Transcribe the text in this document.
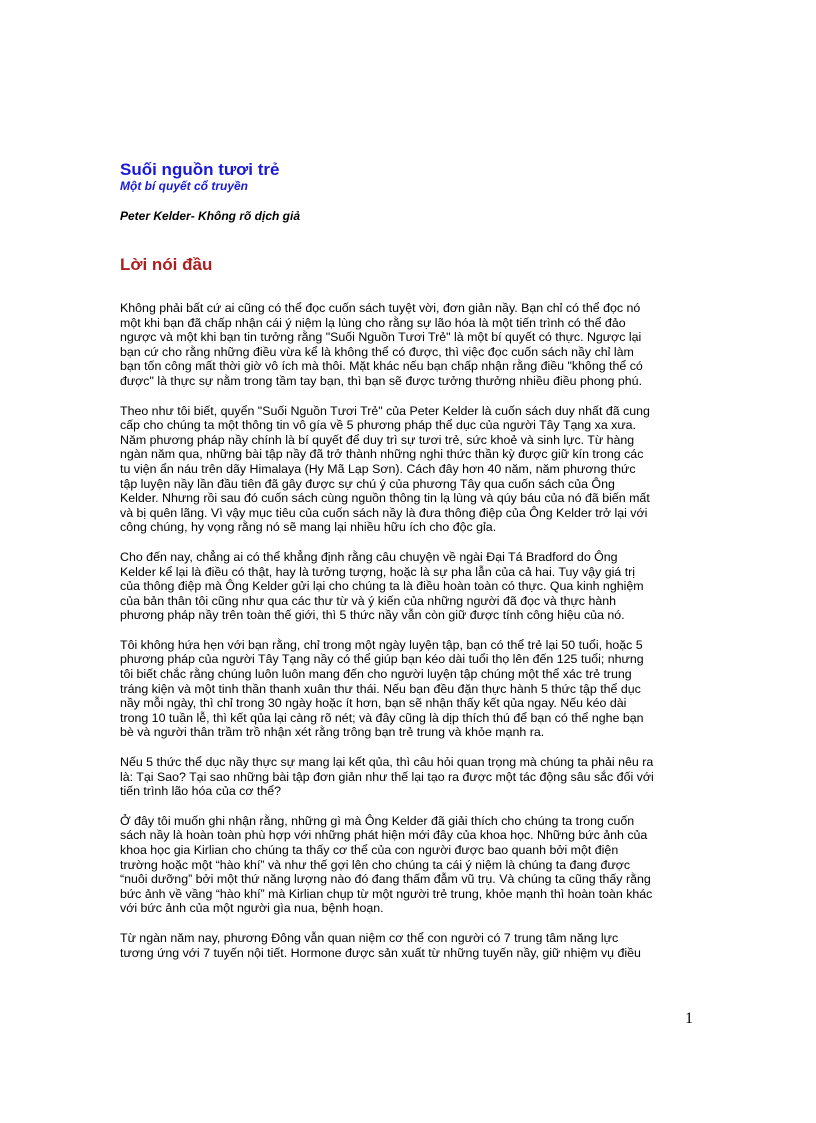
Suối nguồn tươi trẻ

Một bí quyết cổ truyền

Peter Kelder- Không rõ dịch giả

Lời nói đầu

Không phải bất cứ ai cũng có thể đọc cuốn sách tuyệt vời, đơn giản nầy. Bạn chỉ có thể đọc nó
một khi bạn đã chấp nhận cái ý niệm lạ lùng cho rằng sự lão hóa là một tiến trình có thể đảo
ngược và một khi bạn tin tưởng rằng "Suối Nguồn Tươi Trẻ" là một bí quyết có thực. Ngược lại
bạn cứ cho rằng những điều vừa kể là không thể có được, thì việc đọc cuốn sách nầy chỉ làm
bạn tốn công mất thời giờ vô ích mà thôi. Mặt khác nếu bạn chấp nhận rằng điều "không thể có
được" là thực sự nằm trong tầm tay bạn, thì bạn sẽ được tưởng thưởng nhiều điều phong phú.

Theo như tôi biết, quyển "Suối Nguồn Tươi Trẻ" của Peter Kelder là cuốn sách duy nhất đã cung
cấp cho chúng ta một thông tin vô gía về 5 phương pháp thể dục của người Tây Tạng xa xưa.
Năm phương pháp nầy chính là bí quyết để duy trì sự tươi trẻ, sức khoẻ và sinh lực. Từ hàng
ngàn năm qua, những bài tập nầy đã trở thành những nghi thức thần kỳ được giữ kín trong các
tu viện ẩn náu trên dãy Himalaya (Hy Mã Lạp Sơn). Cách đây hơn 40 năm, năm phương thức
tập luyện nầy lần đầu tiên đã gây được sự chú ý của phương Tây qua cuốn sách của Ông
Kelder. Nhưng rồi sau đó cuốn sách cùng nguồn thông tin lạ lùng và qúy báu của nó đã biến mất
và bị quên lãng. Vì vậy mục tiêu của cuốn sách nầy là đưa thông điệp của Ông Kelder trở lại với
công chúng, hy vọng rằng nó sẽ mang lại nhiều hữu ích cho độc gỉa.

Cho đến nay, chẳng ai có thể khẳng định rằng câu chuyện về ngài Đại Tá Bradford do Ông
Kelder kể lại là điều có thật, hay là tưởng tượng, hoặc là sự pha lẫn của cả hai. Tuy vậy giá trị
của thông điệp mà Ông Kelder gửi lại cho chúng ta là điều hoàn toàn có thực. Qua kinh nghiệm
của bản thân tôi cũng như qua các thư từ và ý kiến của những người đã đọc và thực hành
phương pháp nầy trên toàn thế giới, thì 5 thức nầy vẫn còn giữ được tính công hiệu của nó.

Tôi không hứa hẹn với bạn rằng, chỉ trong một ngày luyện tập, bạn có thể trẻ lại 50 tuổi, hoặc 5
phương pháp của người Tây Tạng nầy có thể giúp bạn kéo dài tuổi thọ lên đến 125 tuổi; nhưng
tôi biết chắc rằng chúng luôn luôn mang đến cho người luyện tập chúng một thể xác trẻ trung
tráng kiện và một tinh thần thanh xuân thư thái. Nếu bạn đều đặn thực hành 5 thức tập thể dục
nầy mỗi ngày, thì chỉ trong 30 ngày hoặc ít hơn, bạn sẽ nhận thấy kết qủa ngay. Nếu kéo dài
trong 10 tuần lễ, thì kết qủa lại càng rõ nét; và đây cũng là dịp thích thú để bạn có thể nghe bạn
bè và người thân trầm trồ nhận xét rằng trông bạn trẻ trung và khỏe mạnh ra.

Nếu 5 thức thể dục nầy thực sự mang lại kết qủa, thì câu hỏi quan trọng mà chúng ta phải nêu ra
là: Tại Sao? Tại sao những bài tập đơn giản như thế lại tạo ra được một tác động sâu sắc đối với
tiến trình lão hóa của cơ thể?

Ở đây tôi muốn ghi nhận rằng, những gì mà Ông Kelder đã giải thích cho chúng ta trong cuốn
sách nầy là hoàn toàn phù hợp với những phát hiện mới đây của khoa học. Những bức ảnh của
khoa học gia Kirlian cho chúng ta thấy cơ thể của con người được bao quanh bởi một điện
trường hoặc một “hào khí” và như thế gợi lên cho chúng ta cái ý niệm là chúng ta đang được
“nuôi dưỡng” bởi một thứ năng lượng nào đó đang thấm đẫm vũ trụ. Và chúng ta cũng thấy rằng
bức ảnh về vầng “hào khí” mà Kirlian chụp từ một người trẻ trung, khỏe mạnh thì hoàn toàn khác
với bức ảnh của một người gìa nua, bệnh hoạn.

Từ ngàn năm nay, phương Đông vẫn quan niệm cơ thể con người có 7 trung tâm năng lực
tương ứng với 7 tuyến nội tiết. Hormone được sản xuất từ những tuyến nầy, giữ nhiệm vụ điều

1
